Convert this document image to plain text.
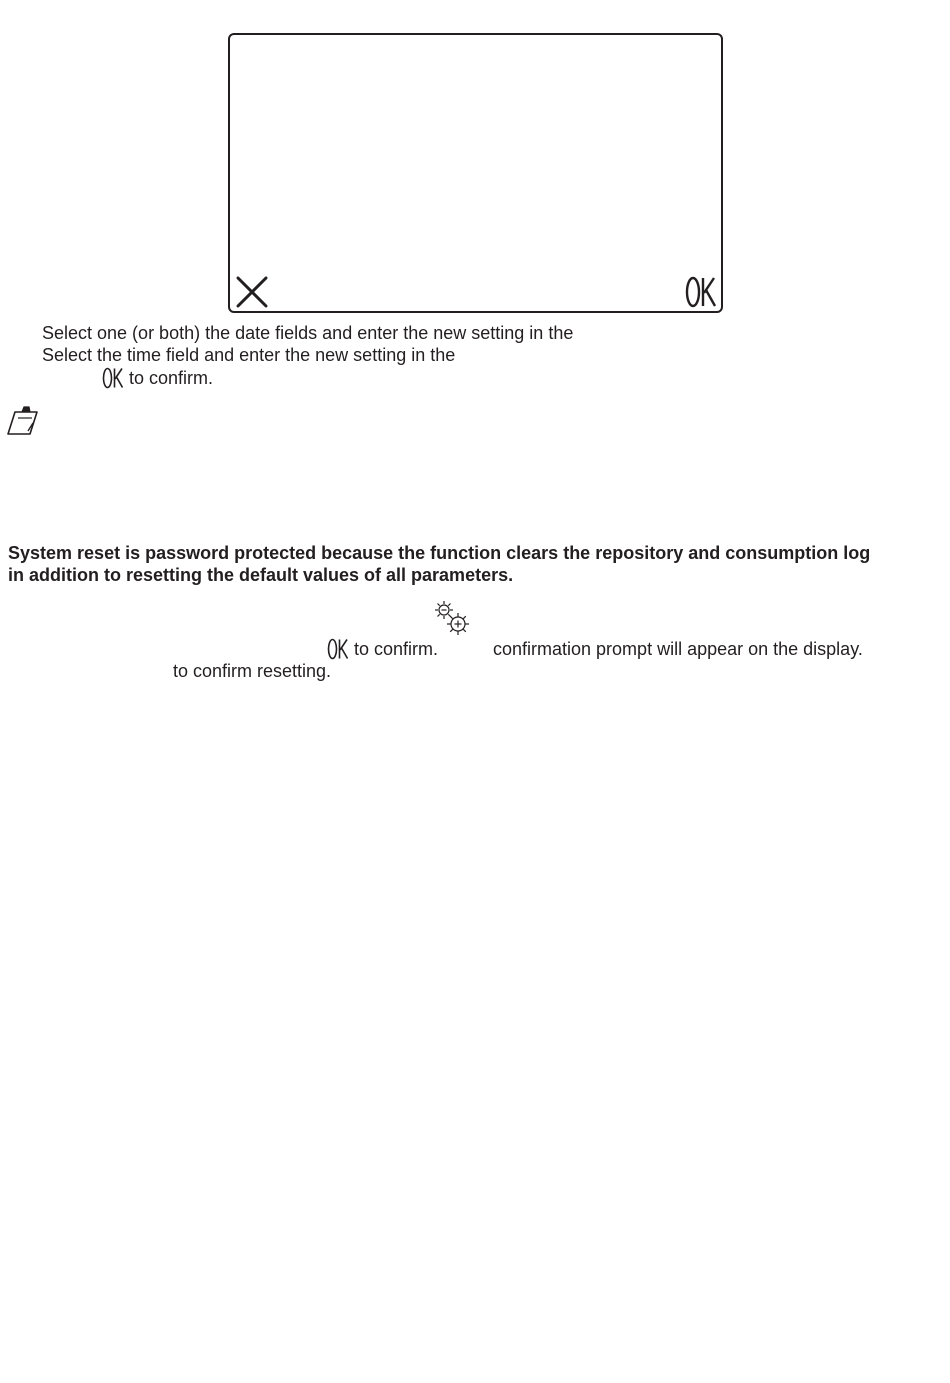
Select one (or both) the date fields and enter the new setting in the
Select the time field and enter the new setting in the
to confirm.
System reset is password protected because the function clears the repository and consumption log
in addition to resetting the default values of all parameters.
to confirm.	confirmation prompt will appear on the display.
to confirm resetting.
